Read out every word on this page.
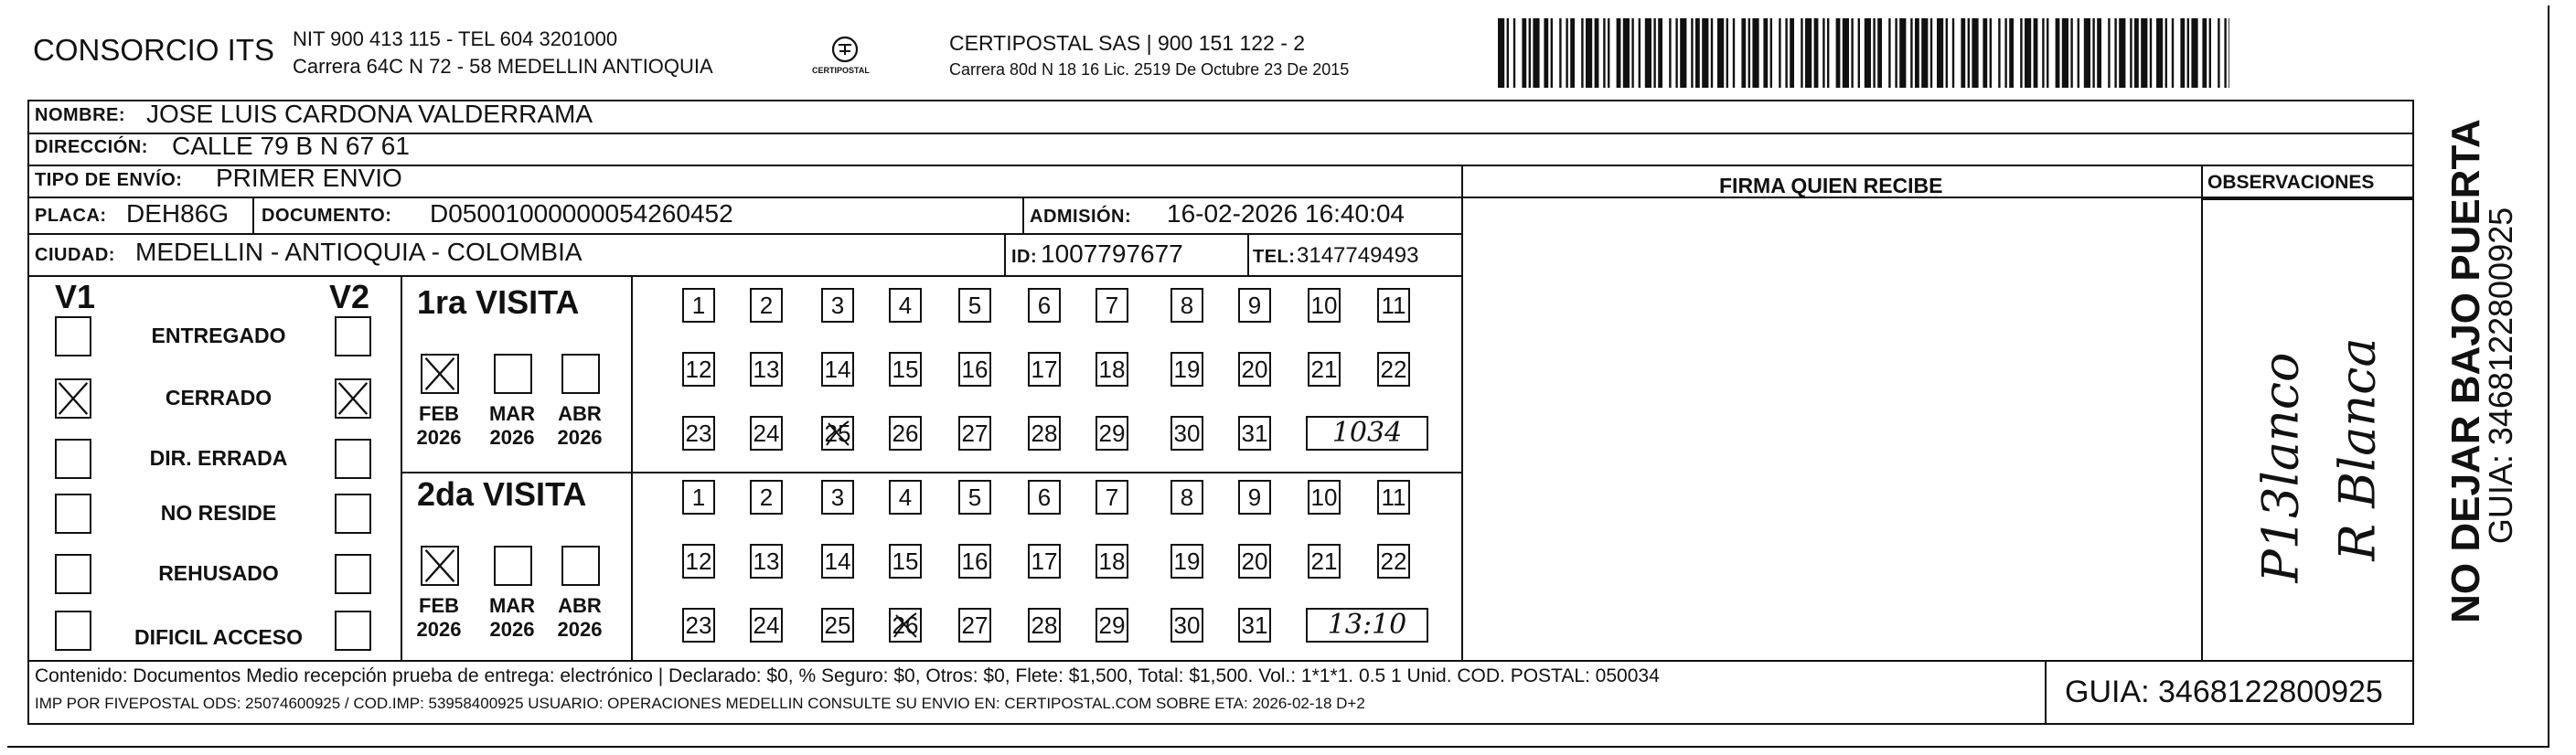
CONSORCIO ITS NIT 900 413 115 - TEL 604 3201000
Carrera 64C N 72 - 58 MEDELLIN ANTIOQUIA	CERTIPOSTAL
CERTIPOSTAL SAS | 900 151 122 - 2
Carrera 80d N 18 16 Lic. 2519 De Octubre 23 De 2015
NOMBRE: JOSE LUIS CARDONA VALDERRAMA
DIRECCIÓN: CALLE 79 B N 67 61
TIPO DE ENVÍO: PRIMER ENVIO
PLACA: DEH86G DOCUMENTO: D05001000000054260452	ADMISIÓN: 16-02-2026 16:40:04
CIUDAD: MEDELLIN - ANTIOQUIA - COLOMBIA	ID: 1007797677	TEL: 3147749493
FIRMA QUIEN RECIBE	OBSERVACIONES
V1	V2
ENTREGADO
CERRADO
DIR. ERRADA
NO RESIDE
REHUSADO
DIFICIL ACCESO
1ra VISITA
2da VISITA
FEB
2026
MAR
2026
ABR
2026
1	2	3	4	5	6	7	8	9	10 11
12 13 14 15 16 17 18 19 20 21 22
23 24 25 26 27 28 29 30 31	1034
FEB
2026
MAR
2026
ABR
2026
1	2	3	4	5	6	7	8	9	10 11
12 13 14 15 16 17 18 19 20 21 22
23 24 25 26 27 28 29 30 31	13:10
P13lanco R Blanca
Contenido: Documentos Medio recepción prueba de entrega: electrónico | Declarado: $0, % Seguro: $0, Otros: $0, Flete: $1,500, Total: $1,500. Vol.: 1*1*1. 0.5 1 Unid. COD. POSTAL: 050034
IMP POR FIVEPOSTAL ODS: 25074600925 / COD.IMP: 53958400925 USUARIO: OPERACIONES MEDELLIN CONSULTE SU ENVIO EN: CERTIPOSTAL.COM SOBRE ETA: 2026-02-18 D+2	GUIA: 3468122800925
NO DEJAR BAJO PUERTA
GUIA: 3468122800925
